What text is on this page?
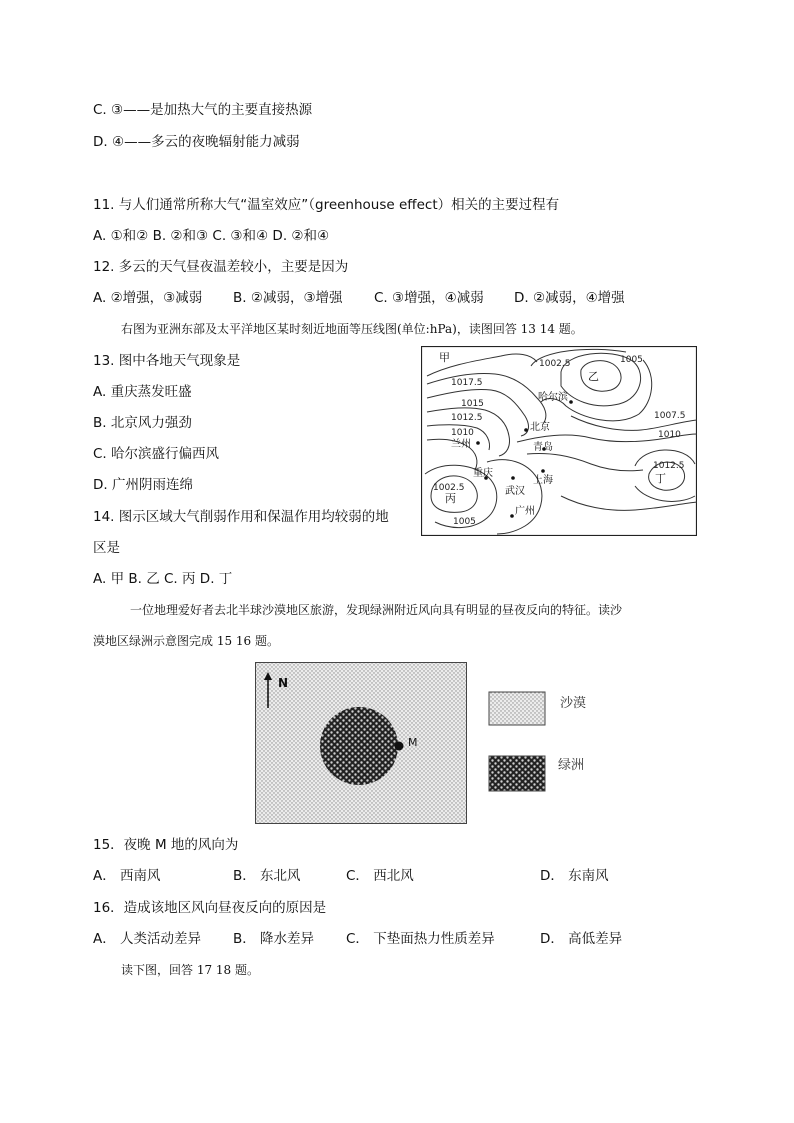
C. ③——是加热大气的主要直接热源
D. ④——多云的夜晚辐射能力减弱
11. 与人们通常所称大气“温室效应”（greenhouse effect）相关的主要过程有
A. ①和② B. ②和③ C. ③和④ D. ②和④
12. 多云的天气昼夜温差较小，主要是因为
A. ②增强，③减弱 B. ②减弱，③增强 C. ③增强，④减弱 D. ②减弱，④增强
右图为亚洲东部及太平洋地区某时刻近地面等压线图(单位:hPa)，读图回答 13 14 题。
13. 图中各地天气现象是
A. 重庆蒸发旺盛
B. 北京风力强劲
C. 哈尔滨盛行偏西风
D. 广州阴雨连绵
14. 图示区域大气削弱作用和保温作用均较弱的地
区是
A. 甲 B. 乙 C. 丙 D. 丁
1002.5	1005
1017.5
1015
1012.5
1010
1007.5
1010
1012.5
1002.5
1005
甲
乙
丙
丁
哈尔滨
北京
兰州	青岛
重庆
上海
武汉
广州
一位地理爱好者去北半球沙漠地区旅游，发现绿洲附近风向具有明显的昼夜反向的特征。读沙
漠地区绿洲示意图完成 15 16 题。
N
M
沙漠
绿洲
15．夜晚 M 地的风向为
A． 西南风	B． 东北风	C． 西北风	D． 东南风
16．造成该地区风向昼夜反向的原因是
A． 人类活动差异 B． 降水差异 C． 下垫面热力性质差异	D． 高低差异
读下图，回答 17 18 题。
